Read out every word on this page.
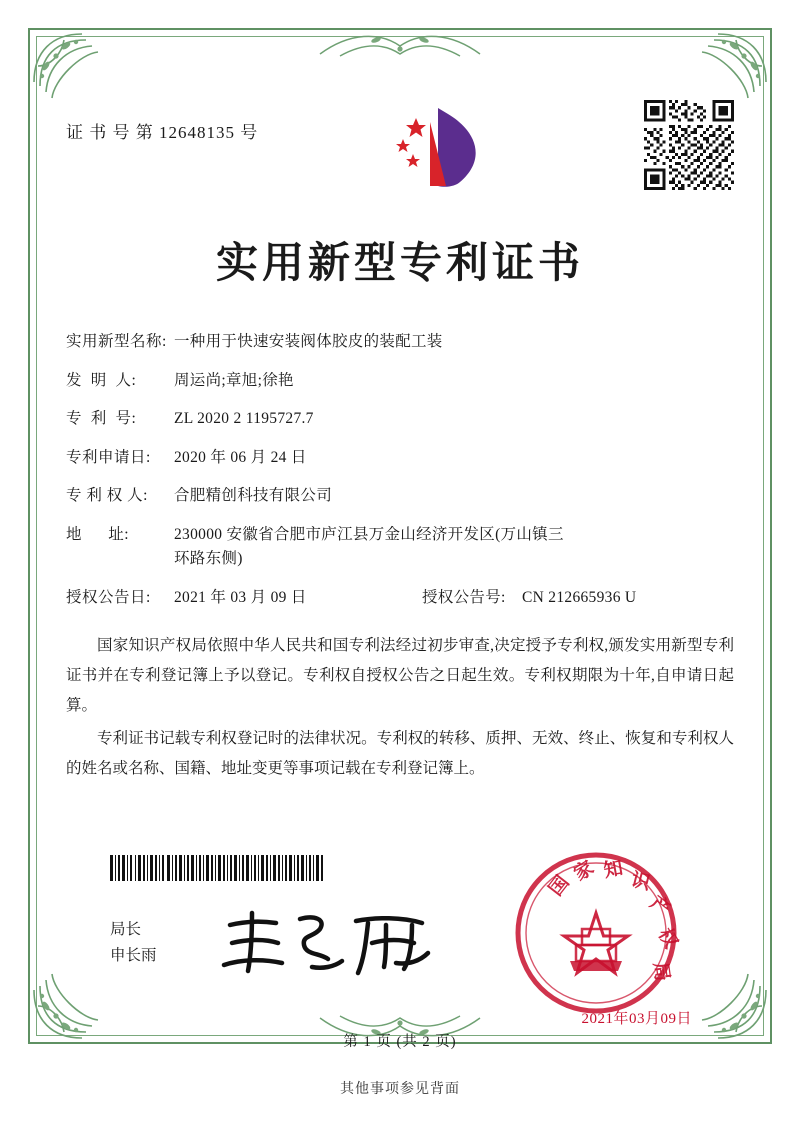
证 书 号 第 12648135 号
实用新型专利证书
实用新型名称: 一种用于快速安装阀体胶皮的装配工装
发  明  人:	周运尚;章旭;徐艳
专  利  号:	ZL 2020 2 1195727.7
专利申请日:	2020 年 06 月 24 日
专 利 权 人:	合肥精创科技有限公司
地      址:	230000 安徽省合肥市庐江县万金山经济开发区(万山镇三
环路东侧)
授权公告日:	2021 年 03 月 09 日	授权公告号:	CN 212665936 U

国家知识产权局依照中华人民共和国专利法经过初步审查,决定授予专利权,颁发实用新型专利证书并在专利登记簿上予以登记。专利权自授权公告之日起生效。专利权期限为十年,自申请日起算。

专利证书记载专利权登记时的法律状况。专利权的转移、质押、无效、终止、恢复和专利权人的姓名或名称、国籍、地址变更等事项记载在专利登记簿上。

局长
申长雨
国
家 知 识
产
权
局
2021年03月09日
第 1 页 (共 2 页)
其他事项参见背面
